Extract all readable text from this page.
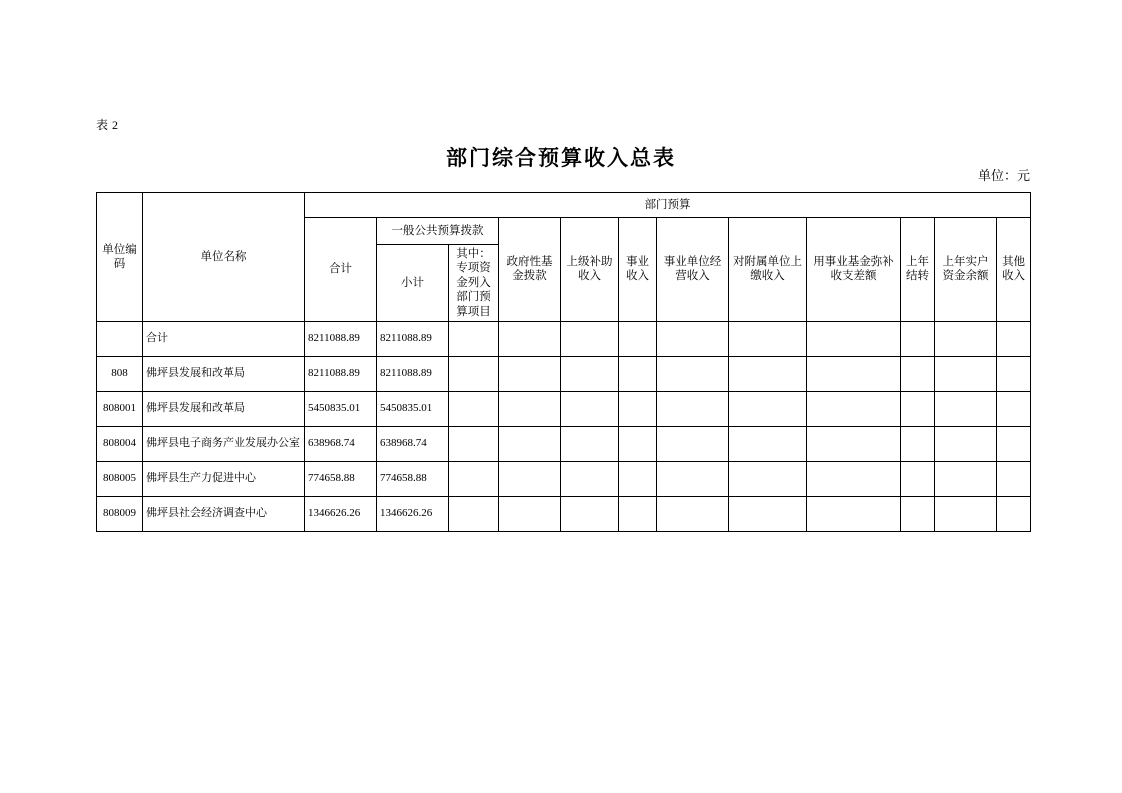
表 2
部门综合预算收入总表
单位：元
单位编码	单位名称	部门预算											
		合计	一般公共预算拨款		政府性基金拨款	上级补助收入	事业收入	事业单位经营收入	对附属单位上缴收入	用事业基金弥补收支差额	上年结转	上年实户资金余额	其他收入
			小计	其中：专项资金列入部门预算项目									
	合计	8211088.89	8211088.89										
808	佛坪县发展和改革局	8211088.89	8211088.89										
808001	佛坪县发展和改革局	5450835.01	5450835.01										
808004	佛坪县电子商务产业发展办公室	638968.74	638968.74										
808005	佛坪县生产力促进中心	774658.88	774658.88										
808009	佛坪县社会经济调查中心	1346626.26	1346626.26										
